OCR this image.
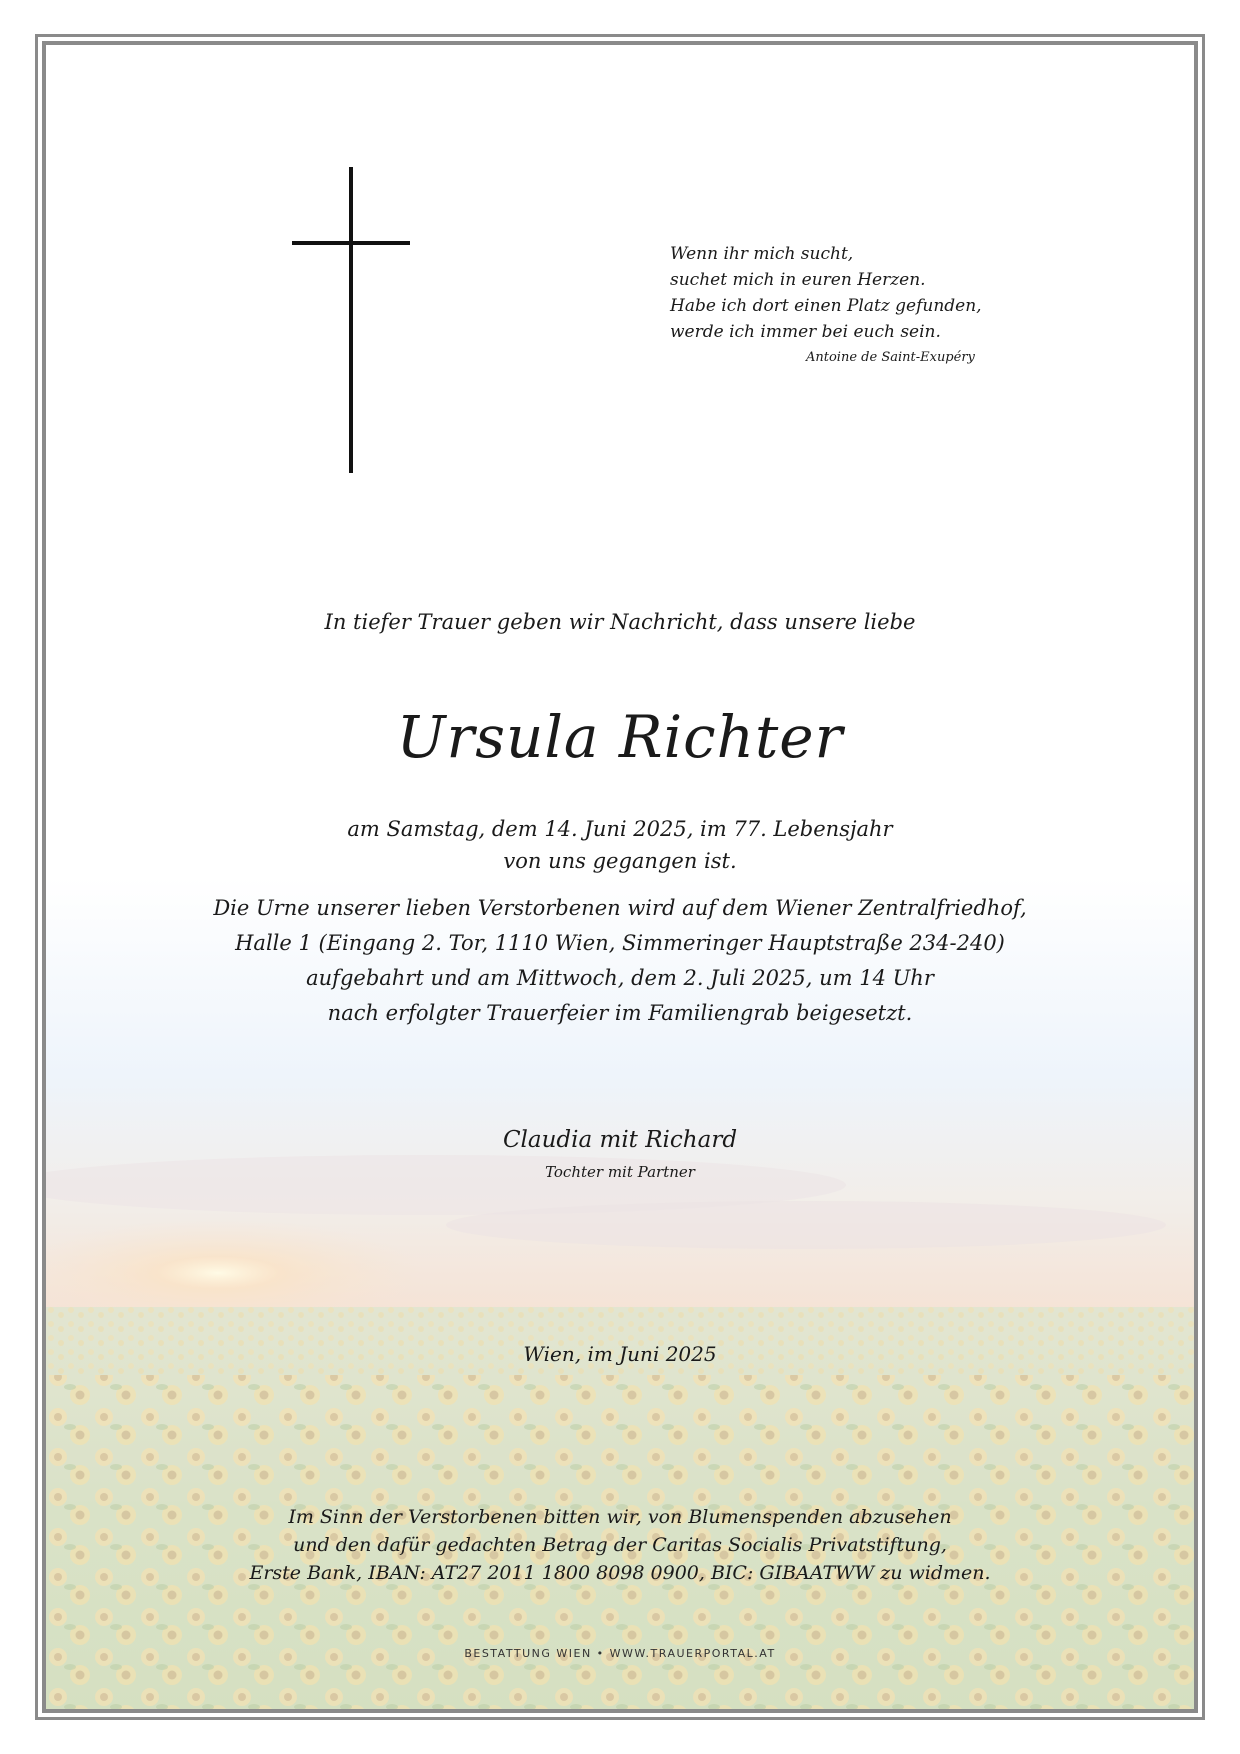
Wenn ihr mich sucht,
suchet mich in euren Herzen.
Habe ich dort einen Platz gefunden,
werde ich immer bei euch sein.
Antoine de Saint-Exupéry
In tiefer Trauer geben wir Nachricht, dass unsere liebe
Ursula Richter
am Samstag, dem 14. Juni 2025, im 77. Lebensjahr
von uns gegangen ist.
Die Urne unserer lieben Verstorbenen wird auf dem Wiener Zentralfriedhof,
Halle 1 (Eingang 2. Tor, 1110 Wien, Simmeringer Hauptstraße 234-240)
aufgebahrt und am Mittwoch, dem 2. Juli 2025, um 14 Uhr
nach erfolgter Trauerfeier im Familiengrab beigesetzt.
Claudia mit Richard
Tochter mit Partner
Wien, im Juni 2025
Im Sinn der Verstorbenen bitten wir, von Blumenspenden abzusehen
und den dafür gedachten Betrag der Caritas Socialis Privatstiftung,
Erste Bank, IBAN: AT27 2011 1800 8098 0900, BIC: GIBAATWW zu widmen.
BESTATTUNG WIEN • WWW.TRAUERPORTAL.AT
